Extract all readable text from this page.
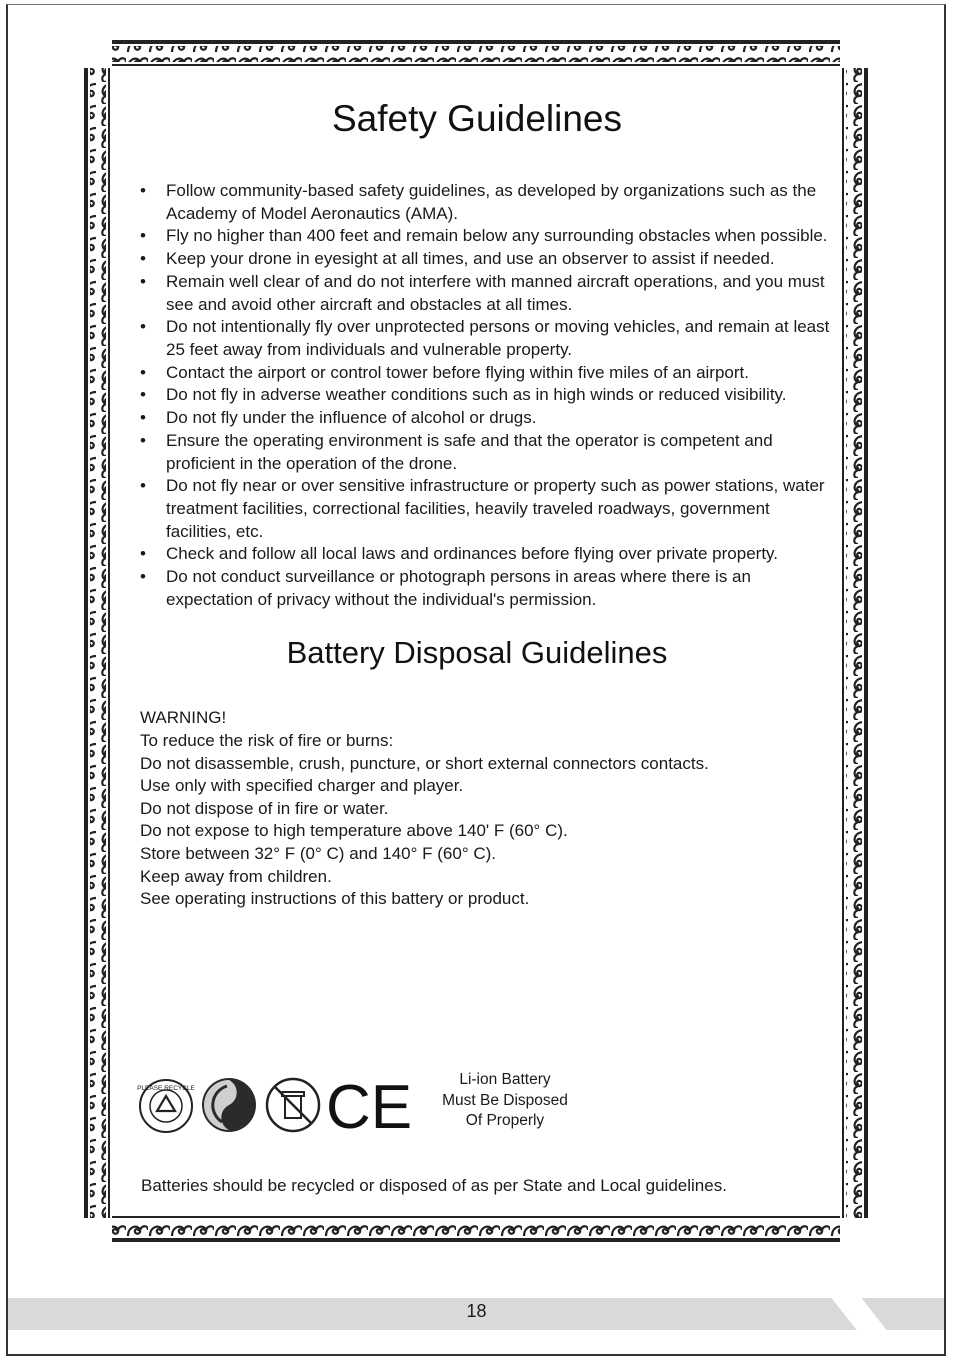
Safety Guidelines
• Follow community-based safety guidelines, as developed by organizations such as the Academy of Model Aeronautics (AMA).
• Fly no higher than 400 feet and remain below any surrounding obstacles when possible.
• Keep your drone in eyesight at all times, and use an observer to assist if needed.
• Remain well clear of and do not interfere with manned aircraft operations, and you must see and avoid other aircraft and obstacles at all times.
• Do not intentionally fly over unprotected persons or moving vehicles, and remain at least 25 feet away from individuals and vulnerable property.
• Contact the airport or control tower before flying within five miles of an airport.
• Do not fly in adverse weather conditions such as in high winds or reduced visibility.
• Do not fly under the influence of alcohol or drugs.
• Ensure the operating environment is safe and that the operator is competent and proficient in the operation of the drone.
• Do not fly near or over sensitive infrastructure or property such as power stations, water treatment facilities, correctional facilities, heavily traveled roadways, government facilities, etc.
• Check and follow all local laws and ordinances before flying over private property.
• Do not conduct surveillance or photograph persons in areas where there is an expectation of privacy without the individual's permission.
Battery Disposal Guidelines

WARNING!

To reduce the risk of fire or burns:

Do not disassemble, crush, puncture, or short external connectors contacts.

Use only with specified charger and player.

Do not dispose of in fire or water.

Do not expose to high temperature above 140' F (60° C).

Store between 32° F (0° C) and 140° F (60° C).

Keep away from children.

See operating instructions of this battery or product.

PLEASE RECYCLE CE	Li-ion Battery
Must Be Disposed
Of Properly
Batteries should be recycled or disposed of as per State and Local guidelines.
18
